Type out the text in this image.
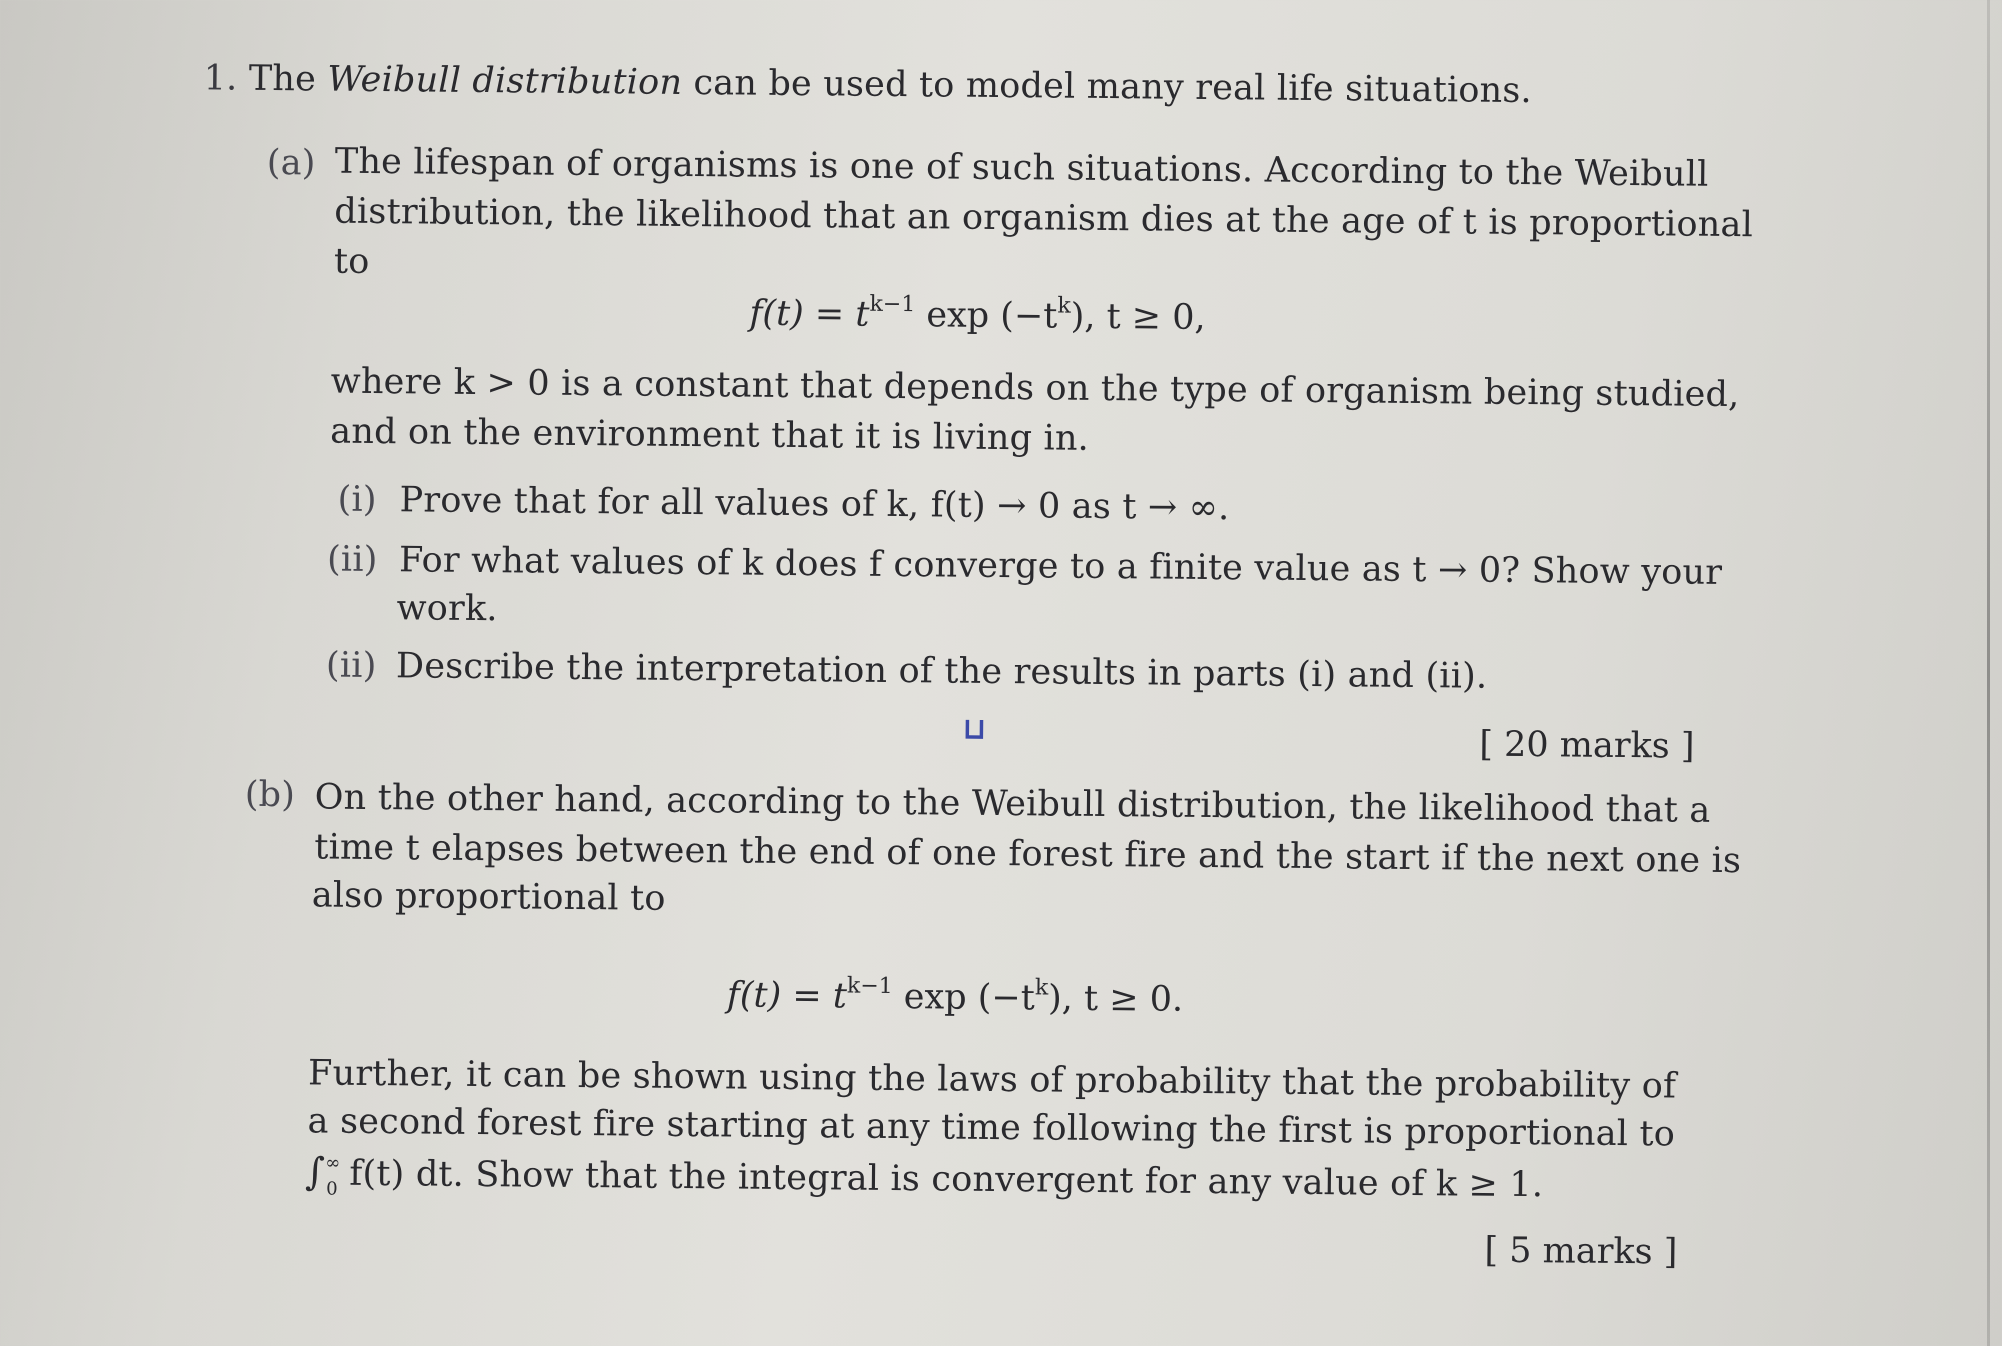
1. The Weibull distribution can be used to model many real life situations.
(a) The lifespan of organisms is one of such situations. According to the Weibull
distribution, the likelihood that an organism dies at the age of t is proportional
to
$f(t) = t^{k-1}$ $\exp (-t^k)$, t ≥ 0,
where k > 0 is a constant that depends on the type of organism being studied,
and on the environment that it is living in.
(i) Prove that for all values of k, f(t) → 0 as t → ∞.
(ii) For what values of k does f converge to a finite value as t → 0? Show your
work.
(ii) Describe the interpretation of the results in parts (i) and (ii).
⊔	[ 20 marks ]
(b) On the other hand, according to the Weibull distribution, the likelihood that a
time t elapses between the end of one forest fire and the start if the next one is
also proportional to
$f(t) = t^{k-1}$ $\exp (-t^k)$, t ≥ 0.
Further, it can be shown using the laws of probability that the probability of
a second forest fire starting at any time following the first is proportional to
$\int^\infty_0$ f(t) dt. Show that the integral is convergent for any value of k ≥ 1.
[ 5 marks ]
